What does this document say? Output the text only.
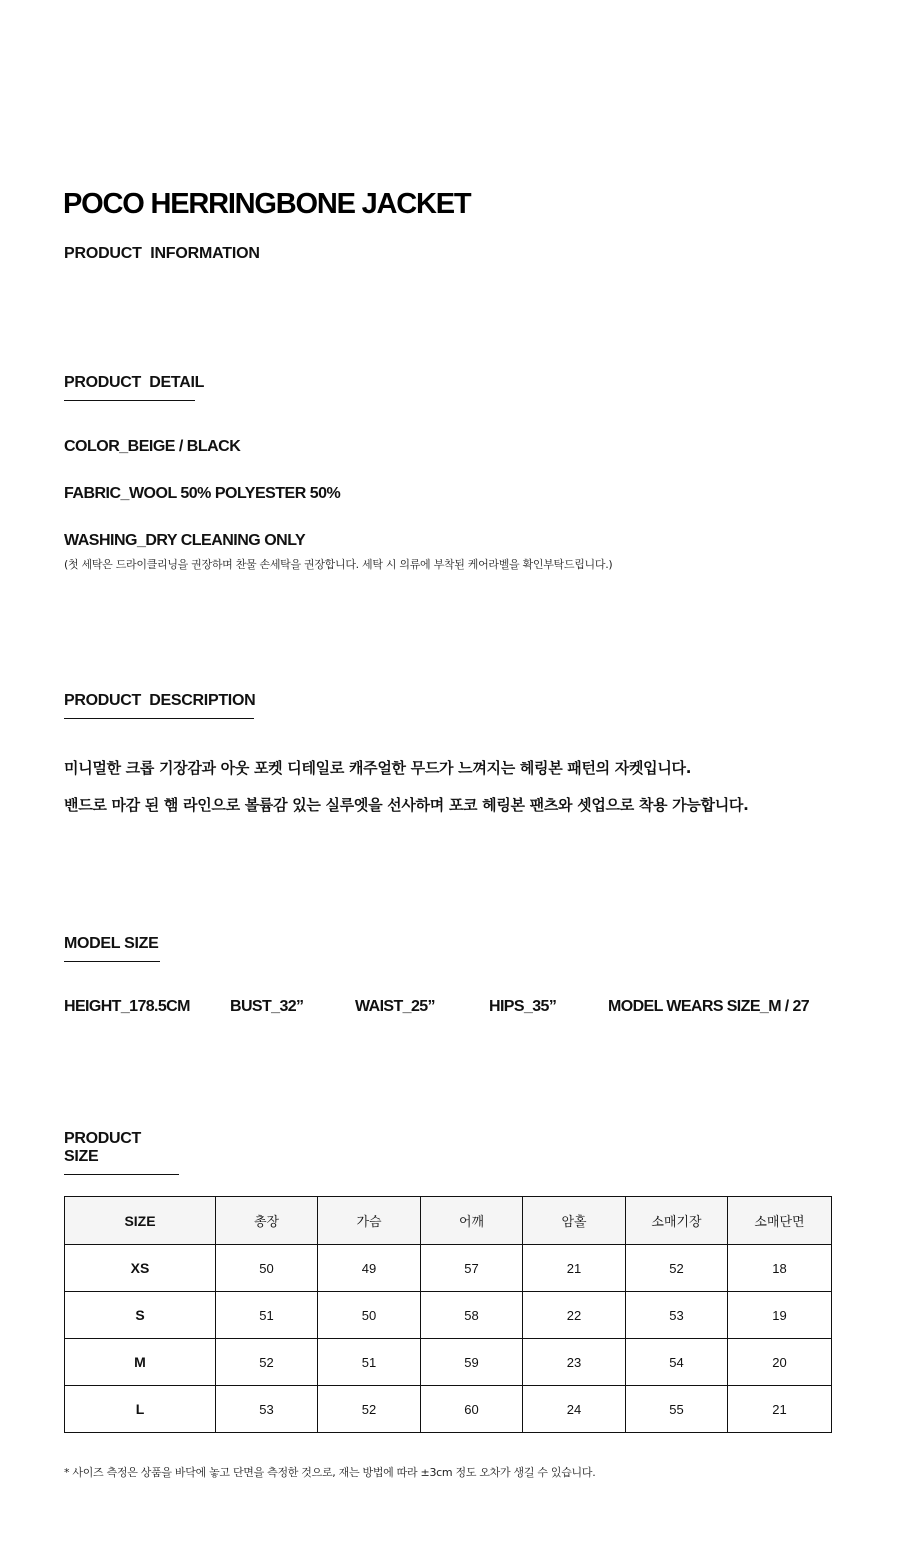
POCO HERRINGBONE JACKET
PRODUCT  INFORMATION
PRODUCT  DETAIL
COLOR_BEIGE / BLACK
FABRIC_WOOL 50% POLYESTER 50%
WASHING_DRY CLEANING ONLY
(첫 세탁은 드라이클리닝을 권장하며 찬물 손세탁을 권장합니다. 세탁 시 의류에 부착된 케어라벨을 확인부탁드립니다.)
PRODUCT  DESCRIPTION
미니멀한 크롭 기장감과 아웃 포켓 디테일로 캐주얼한 무드가 느껴지는 헤링본 패턴의 자켓입니다.
밴드로 마감 된 햄 라인으로 볼륨감 있는 실루엣을 선사하며 포코 헤링본 팬츠와 셋업으로 착용 가능합니다.
MODEL SIZE
HEIGHT_178.5CM	BUST_32”	WAIST_25”	HIPS_35”	MODEL WEARS SIZE_M / 27
PRODUCT SIZE
SIZE	총장	가슴	어깨	암홀	소매기장	소매단면
XS	50	49	57	21	52	18
S	51	50	58	22	53	19
M	52	51	59	23	54	20
L	53	52	60	24	55	21
* 사이즈 측정은 상품을 바닥에 놓고 단면을 측정한 것으로, 재는 방법에 따라 ±3cm 정도 오차가 생길 수 있습니다.
